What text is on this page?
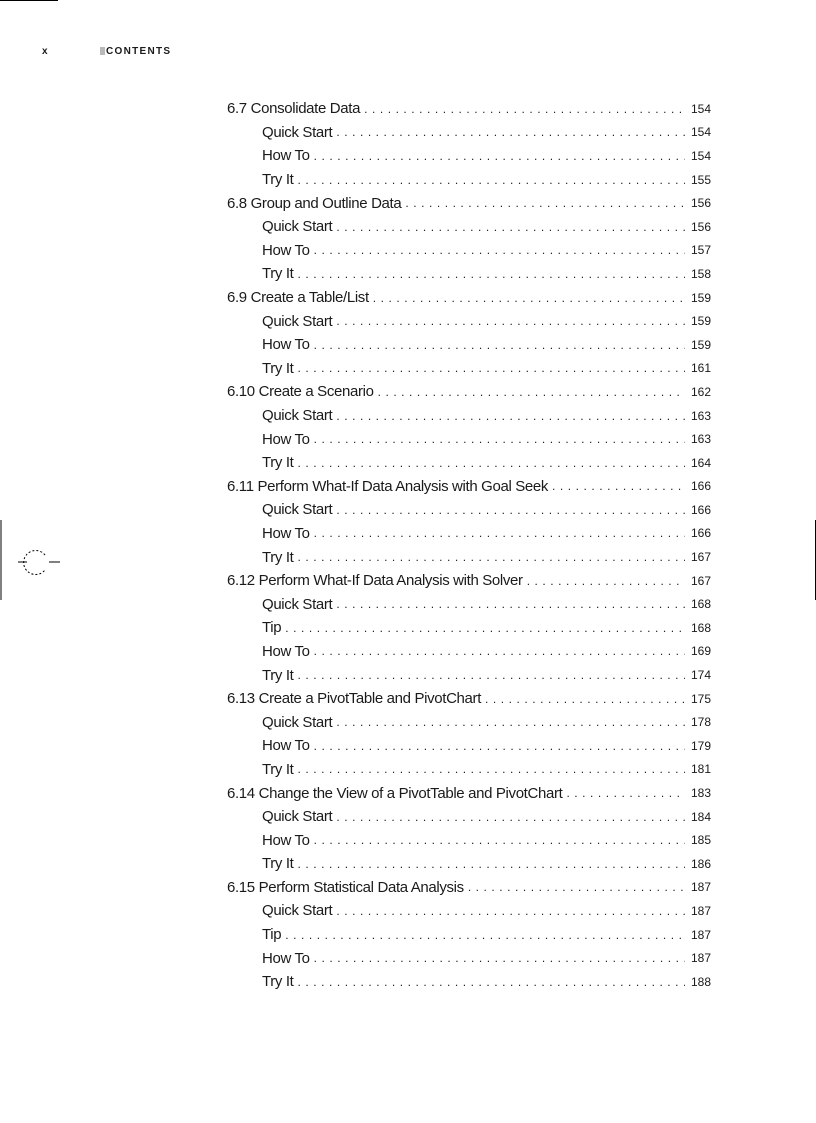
x	CONTENTS
6.7 Consolidate Data . . .	154
Quick Start . . .	154
How To . . .	154
Try It . . .	155
6.8 Group and Outline Data . . .	156
Quick Start . . .	156
How To . . .	157
Try It . . .	158
6.9 Create a Table/List . . .	159
Quick Start . . .	159
How To . . .	159
Try It . . .	161
6.10 Create a Scenario . . .	162
Quick Start . . .	163
How To . . .	163
Try It . . .	164
6.11 Perform What-If Data Analysis with Goal Seek . . .	166
Quick Start . . .	166
How To . . .	166
Try It . . .	167
6.12 Perform What-If Data Analysis with Solver . . .	167
Quick Start . . .	168
Tip . . .	168
How To . . .	169
Try It . . .	174
6.13 Create a PivotTable and PivotChart . . .	175
Quick Start . . .	178
How To . . .	179
Try It . . .	181
6.14 Change the View of a PivotTable and PivotChart . . .	183
Quick Start . . .	184
How To . . .	185
Try It . . .	186
6.15 Perform Statistical Data Analysis . . .	187
Quick Start . . .	187
Tip . . .	187
How To . . .	187
Try It . . .	188
